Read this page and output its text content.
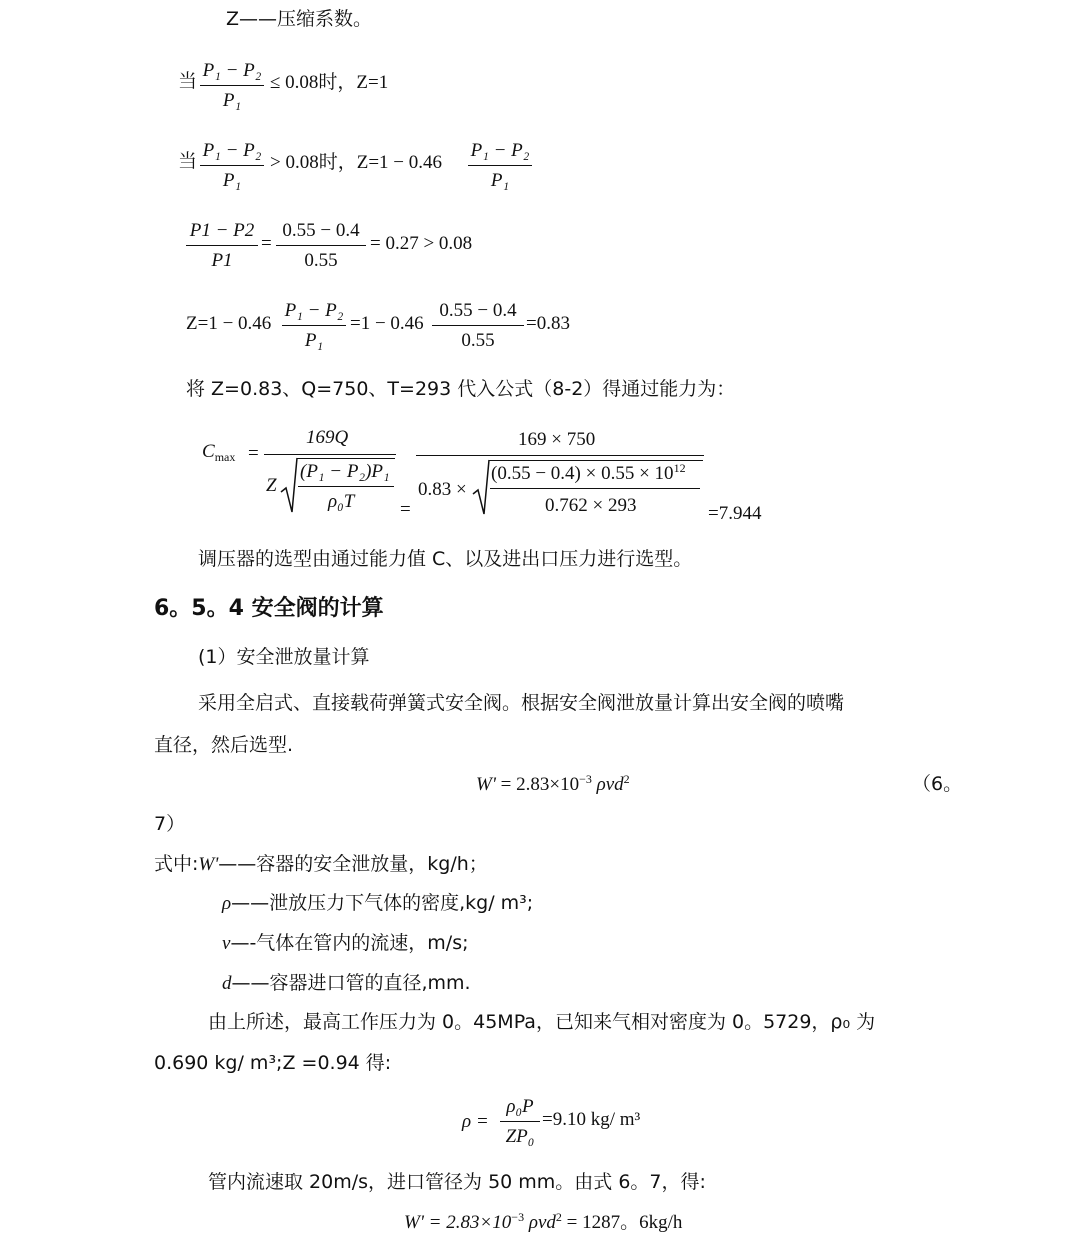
Z——压缩系数。
当 P₁ − P₂
P₁
≤ 0.08时，Z=1
当 P₁ − P₂
P₁
> 0.08时，Z=1 − 0.46
P₁ − P₂
P₁
P1 − P2
P1
=
0.55 − 0.4
0.55
= 0.27 > 0.08
Z=1 − 0.46
P₁ − P₂
P₁
=1 − 0.46
0.55 − 0.4
0.55
=0.83
将 Z=0.83、Q=750、T=293 代入公式（8-2）得通过能力为：
$C_{max}$ =
169Q
Z
(P₁ − P₂)P₁
ρ₀T =
169 × 750
0.83 ×
$(0.55 - 0.4) \times 0.55 \times 10^{12}$
0.762 × 293	=7.944
调压器的选型由通过能力值 C、以及进出口压力进行选型。
6。5。4 安全阀的计算
(1）安全泄放量计算
采用全启式、直接载荷弹簧式安全阀。根据安全阀泄放量计算出安全阀的喷嘴
直径，然后选型.
$W' = 2.83\times 10^{-3}$ ρvd$^2$	（6。
7）
式中:W'——容器的安全泄放量，kg/h；
ρ——泄放压力下气体的密度,kg/ m³;
v—-气体在管内的流速，m/s;
d——容器进口管的直径,mm.
由上所述，最高工作压力为 0。45MPa，已知来气相对密度为 0。5729，ρ₀ 为
0.690 kg/ m³;Z =0.94 得:
ρ =
ρ₀P
ZP₀
=9.10 kg/ m³
管内流速取 20m/s，进口管径为 50 mm。由式 6。7，得:
$W' = 2.83\times 10^{-3}$ ρvd$^2$ = 1287。6kg/h
